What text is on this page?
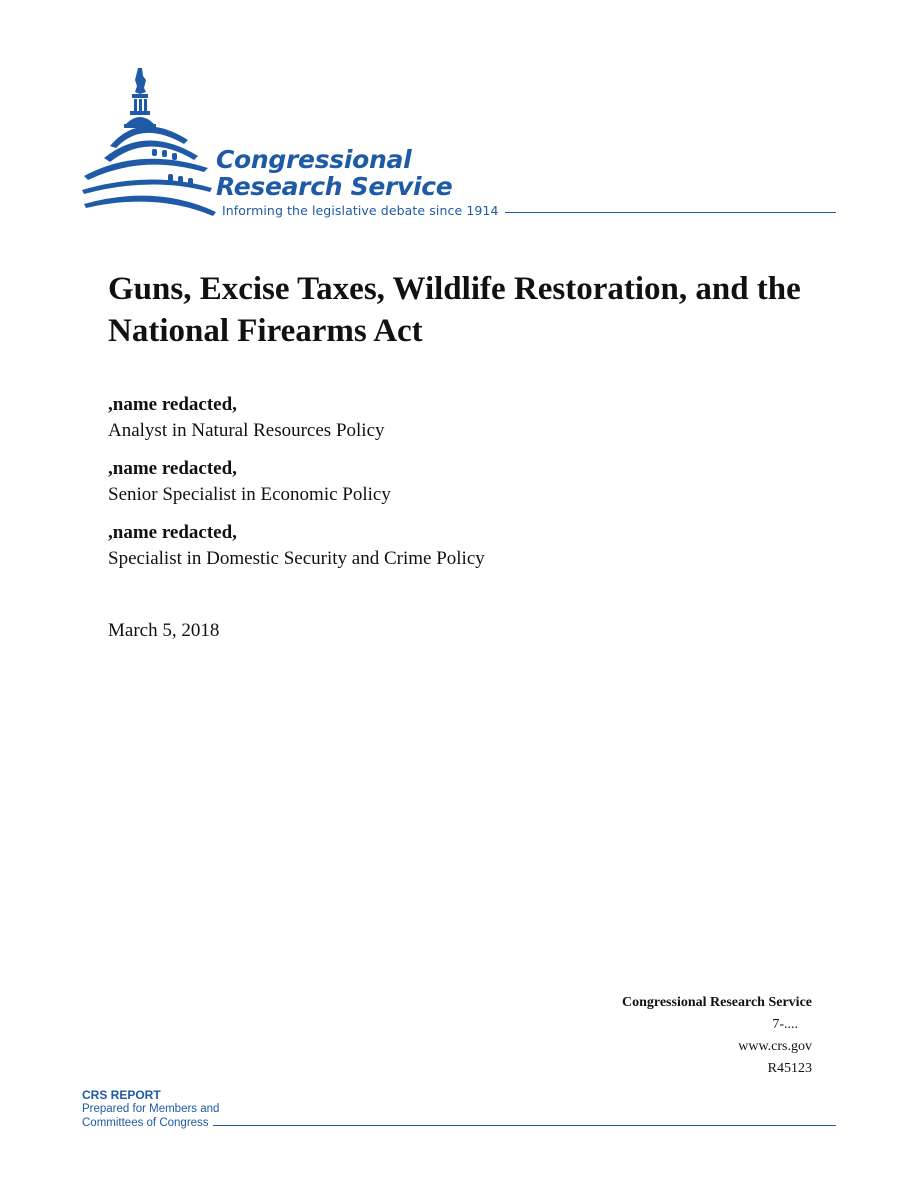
Congressional
Research Service
Informing the legislative debate since 1914
Guns, Excise Taxes, Wildlife Restoration, and the National Firearms Act
,name redacted,
Analyst in Natural Resources Policy
,name redacted,
Senior Specialist in Economic Policy
,name redacted,
Specialist in Domestic Security and Crime Policy
March 5, 2018
Congressional Research Service
7-....
www.crs.gov
R45123
CRS REPORT
Prepared for Members and
Committees of Congress
